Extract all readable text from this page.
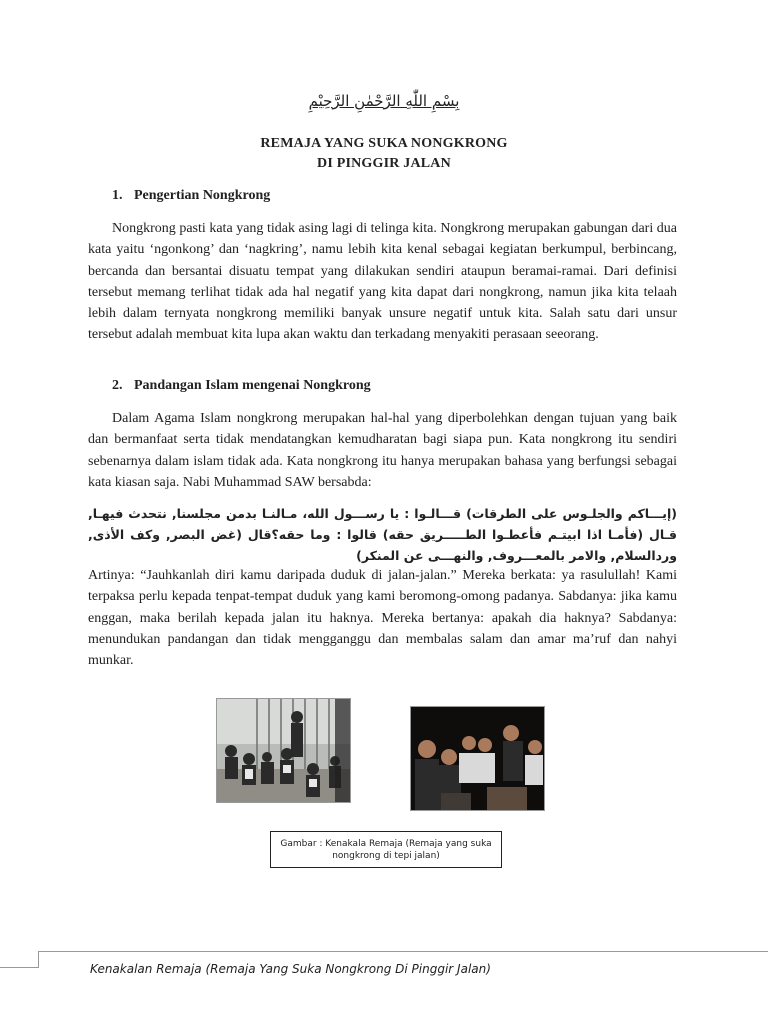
بِسْمِ اللّٰهِ الرَّحْمٰنِ الرَّحِيْمِ
REMAJA YANG SUKA NONGKRONG
DI PINGGIR JALAN
1. Pengertian Nongkrong

Nongkrong pasti kata yang tidak asing lagi di telinga kita. Nongkrong merupakan gabungan dari dua kata yaitu ‘ngonkong’ dan ‘nagkring’, namu lebih kita kenal sebagai kegiatan berkumpul, berbincang, bercanda dan bersantai disuatu tempat yang dilakukan sendiri ataupun beramai-ramai. Dari definisi tersebut memang terlihat tidak ada hal negatif yang kita dapat dari nongkrong, namun jika kita telaah lebih dalam ternyata nongkrong memiliki banyak unsure negatif untuk kita. Salah satu dari unsur tersebut adalah membuat kita lupa akan waktu dan terkadang menyakiti perasaan seeorang.

2. Pandangan Islam mengenai Nongkrong

Dalam Agama Islam nongkrong merupakan hal-hal yang diperbolehkan dengan tujuan yang baik dan bermanfaat serta tidak mendatangkan kemudharatan bagi siapa pun. Kata nongkrong itu sendiri sebenarnya dalam islam tidak ada. Kata nongkrong itu hanya merupakan bahasa yang berfungsi sebagai kata kiasan saja. Nabi Muhammad SAW bersabda:

(إيـــاكم والجلـوس على الطرقات) قـــالـوا : يا رســـول الله، مـالنـا بدمن مجلسنا, نتحدث فيهـا, قـال (فأمـا اذا ابيتـم فأعطـوا الطـــــريق حقه) قالوا : وما حقه؟قال (غض البصر, وكف الأذى, وردالسلام, والامر بالمعـــروف, والنهـــى عن المنكر)

Artinya: “Jauhkanlah diri kamu daripada duduk di jalan-jalan.” Mereka berkata: ya rasulullah! Kami terpaksa perlu kepada tenpat-tempat duduk yang kami beromong-omong padanya. Sabdanya: jika kamu enggan, maka berilah kepada jalan itu haknya. Mereka bertanya: apakah dia haknya? Sabdanya: menundukan pandangan dan tidak mengganggu dan membalas salam dan amar ma’ruf dan nahyi munkar.

Gambar : Kenakala Remaja (Remaja yang suka nongkrong di tepi jalan)
Kenakalan Remaja (Remaja Yang Suka Nongkrong Di Pinggir Jalan)
